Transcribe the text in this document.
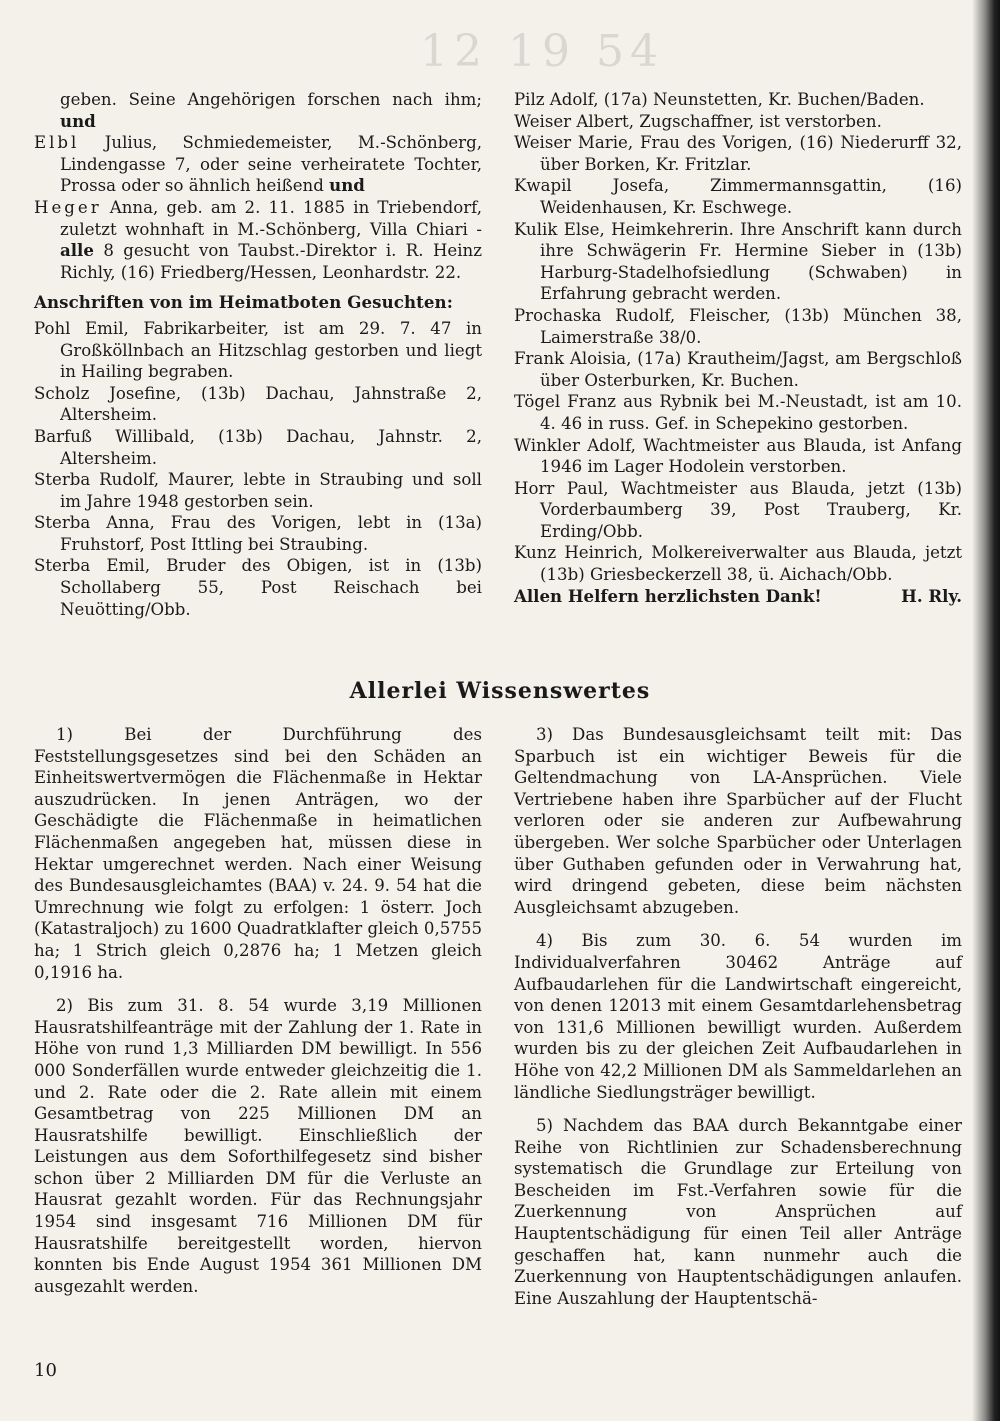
12 19 54
geben. Seine Angehörigen forschen nach ihm; und
Elbl Julius, Schmiedemeister, M.-Schönberg, Lindengasse 7, oder seine verheiratete Tochter, Prossa oder so ähnlich heißend und
Heger Anna, geb. am 2. 11. 1885 in Triebendorf, zuletzt wohnhaft in M.-Schönberg, Villa Chiari - alle 8 gesucht von Taubst.-Direktor i. R. Heinz Richly, (16) Friedberg/Hessen, Leonhardstr. 22.
Anschriften von im Heimatboten Gesuchten:
Pohl Emil, Fabrikarbeiter, ist am 29. 7. 47 in Großköllnbach an Hitzschlag gestorben und liegt in Hailing begraben.
Scholz Josefine, (13b) Dachau, Jahnstraße 2, Altersheim.
Barfuß Willibald, (13b) Dachau, Jahnstr. 2, Altersheim.
Sterba Rudolf, Maurer, lebte in Straubing und soll im Jahre 1948 gestorben sein.
Sterba Anna, Frau des Vorigen, lebt in (13a) Fruhstorf, Post Ittling bei Straubing.
Sterba Emil, Bruder des Obigen, ist in (13b) Schollaberg 55, Post Reischach bei Neuötting/Obb.
Pilz Adolf, (17a) Neunstetten, Kr. Buchen/Baden.
Weiser Albert, Zugschaffner, ist verstorben.
Weiser Marie, Frau des Vorigen, (16) Niederurff 32, über Borken, Kr. Fritzlar.
Kwapil Josefa, Zimmermannsgattin, (16) Weidenhausen, Kr. Eschwege.
Kulik Else, Heimkehrerin. Ihre Anschrift kann durch ihre Schwägerin Fr. Hermine Sieber in (13b) Harburg-Stadelhofsiedlung (Schwaben) in Erfahrung gebracht werden.
Prochaska Rudolf, Fleischer, (13b) München 38, Laimerstraße 38/0.
Frank Aloisia, (17a) Krautheim/Jagst, am Bergschloß über Osterburken, Kr. Buchen.
Tögel Franz aus Rybnik bei M.-Neustadt, ist am 10. 4. 46 in russ. Gef. in Schepekino gestorben.
Winkler Adolf, Wachtmeister aus Blauda, ist Anfang 1946 im Lager Hodolein verstorben.
Horr Paul, Wachtmeister aus Blauda, jetzt (13b) Vorderbaumberg 39, Post Trauberg, Kr. Erding/Obb.
Kunz Heinrich, Molkereiverwalter aus Blauda, jetzt (13b) Griesbeckerzell 38, ü. Aichach/Obb.
Allen Helfern herzlichsten Dank!	H. Rly.
Allerlei Wissenswertes

1) Bei der Durchführung des Feststellungsgesetzes sind bei den Schäden an Einheitswertvermögen die Flächenmaße in Hektar auszudrücken. In jenen Anträgen, wo der Geschädigte die Flächenmaße in heimatlichen Flächenmaßen angegeben hat, müssen diese in Hektar umgerechnet werden. Nach einer Weisung des Bundesausgleichamtes (BAA) v. 24. 9. 54 hat die Umrechnung wie folgt zu erfolgen: 1 österr. Joch (Katastraljoch) zu 1600 Quadratklafter gleich 0,5755 ha; 1 Strich gleich 0,2876 ha; 1 Metzen gleich 0,1916 ha.

2) Bis zum 31. 8. 54 wurde 3,19 Millionen Hausratshilfeanträge mit der Zahlung der 1. Rate in Höhe von rund 1,3 Milliarden DM bewilligt. In 556 000 Sonderfällen wurde entweder gleichzeitig die 1. und 2. Rate oder die 2. Rate allein mit einem Gesamtbetrag von 225 Millionen DM an Hausratshilfe bewilligt. Einschließlich der Leistungen aus dem Soforthilfegesetz sind bisher schon über 2 Milliarden DM für die Verluste an Hausrat gezahlt worden. Für das Rechnungsjahr 1954 sind insgesamt 716 Millionen DM für Hausratshilfe bereitgestellt worden, hiervon konnten bis Ende August 1954 361 Millionen DM ausgezahlt werden.

3) Das Bundesausgleichsamt teilt mit: Das Sparbuch ist ein wichtiger Beweis für die Geltendmachung von LA-Ansprüchen. Viele Vertriebene haben ihre Sparbücher auf der Flucht verloren oder sie anderen zur Aufbewahrung übergeben. Wer solche Sparbücher oder Unterlagen über Guthaben gefunden oder in Verwahrung hat, wird dringend gebeten, diese beim nächsten Ausgleichsamt abzugeben.

4) Bis zum 30. 6. 54 wurden im Individualverfahren 30462 Anträge auf Aufbaudarlehen für die Landwirtschaft eingereicht, von denen 12013 mit einem Gesamtdarlehensbetrag von 131,6 Millionen bewilligt wurden. Außerdem wurden bis zu der gleichen Zeit Aufbaudarlehen in Höhe von 42,2 Millionen DM als Sammeldarlehen an ländliche Siedlungsträger bewilligt.

5) Nachdem das BAA durch Bekanntgabe einer Reihe von Richtlinien zur Schadensberechnung systematisch die Grundlage zur Erteilung von Bescheiden im Fst.-Verfahren sowie für die Zuerkennung von Ansprüchen auf Hauptentschädigung für einen Teil aller Anträge geschaffen hat, kann nunmehr auch die Zuerkennung von Hauptentschädigungen anlaufen. Eine Auszahlung der Hauptentschä-

10
